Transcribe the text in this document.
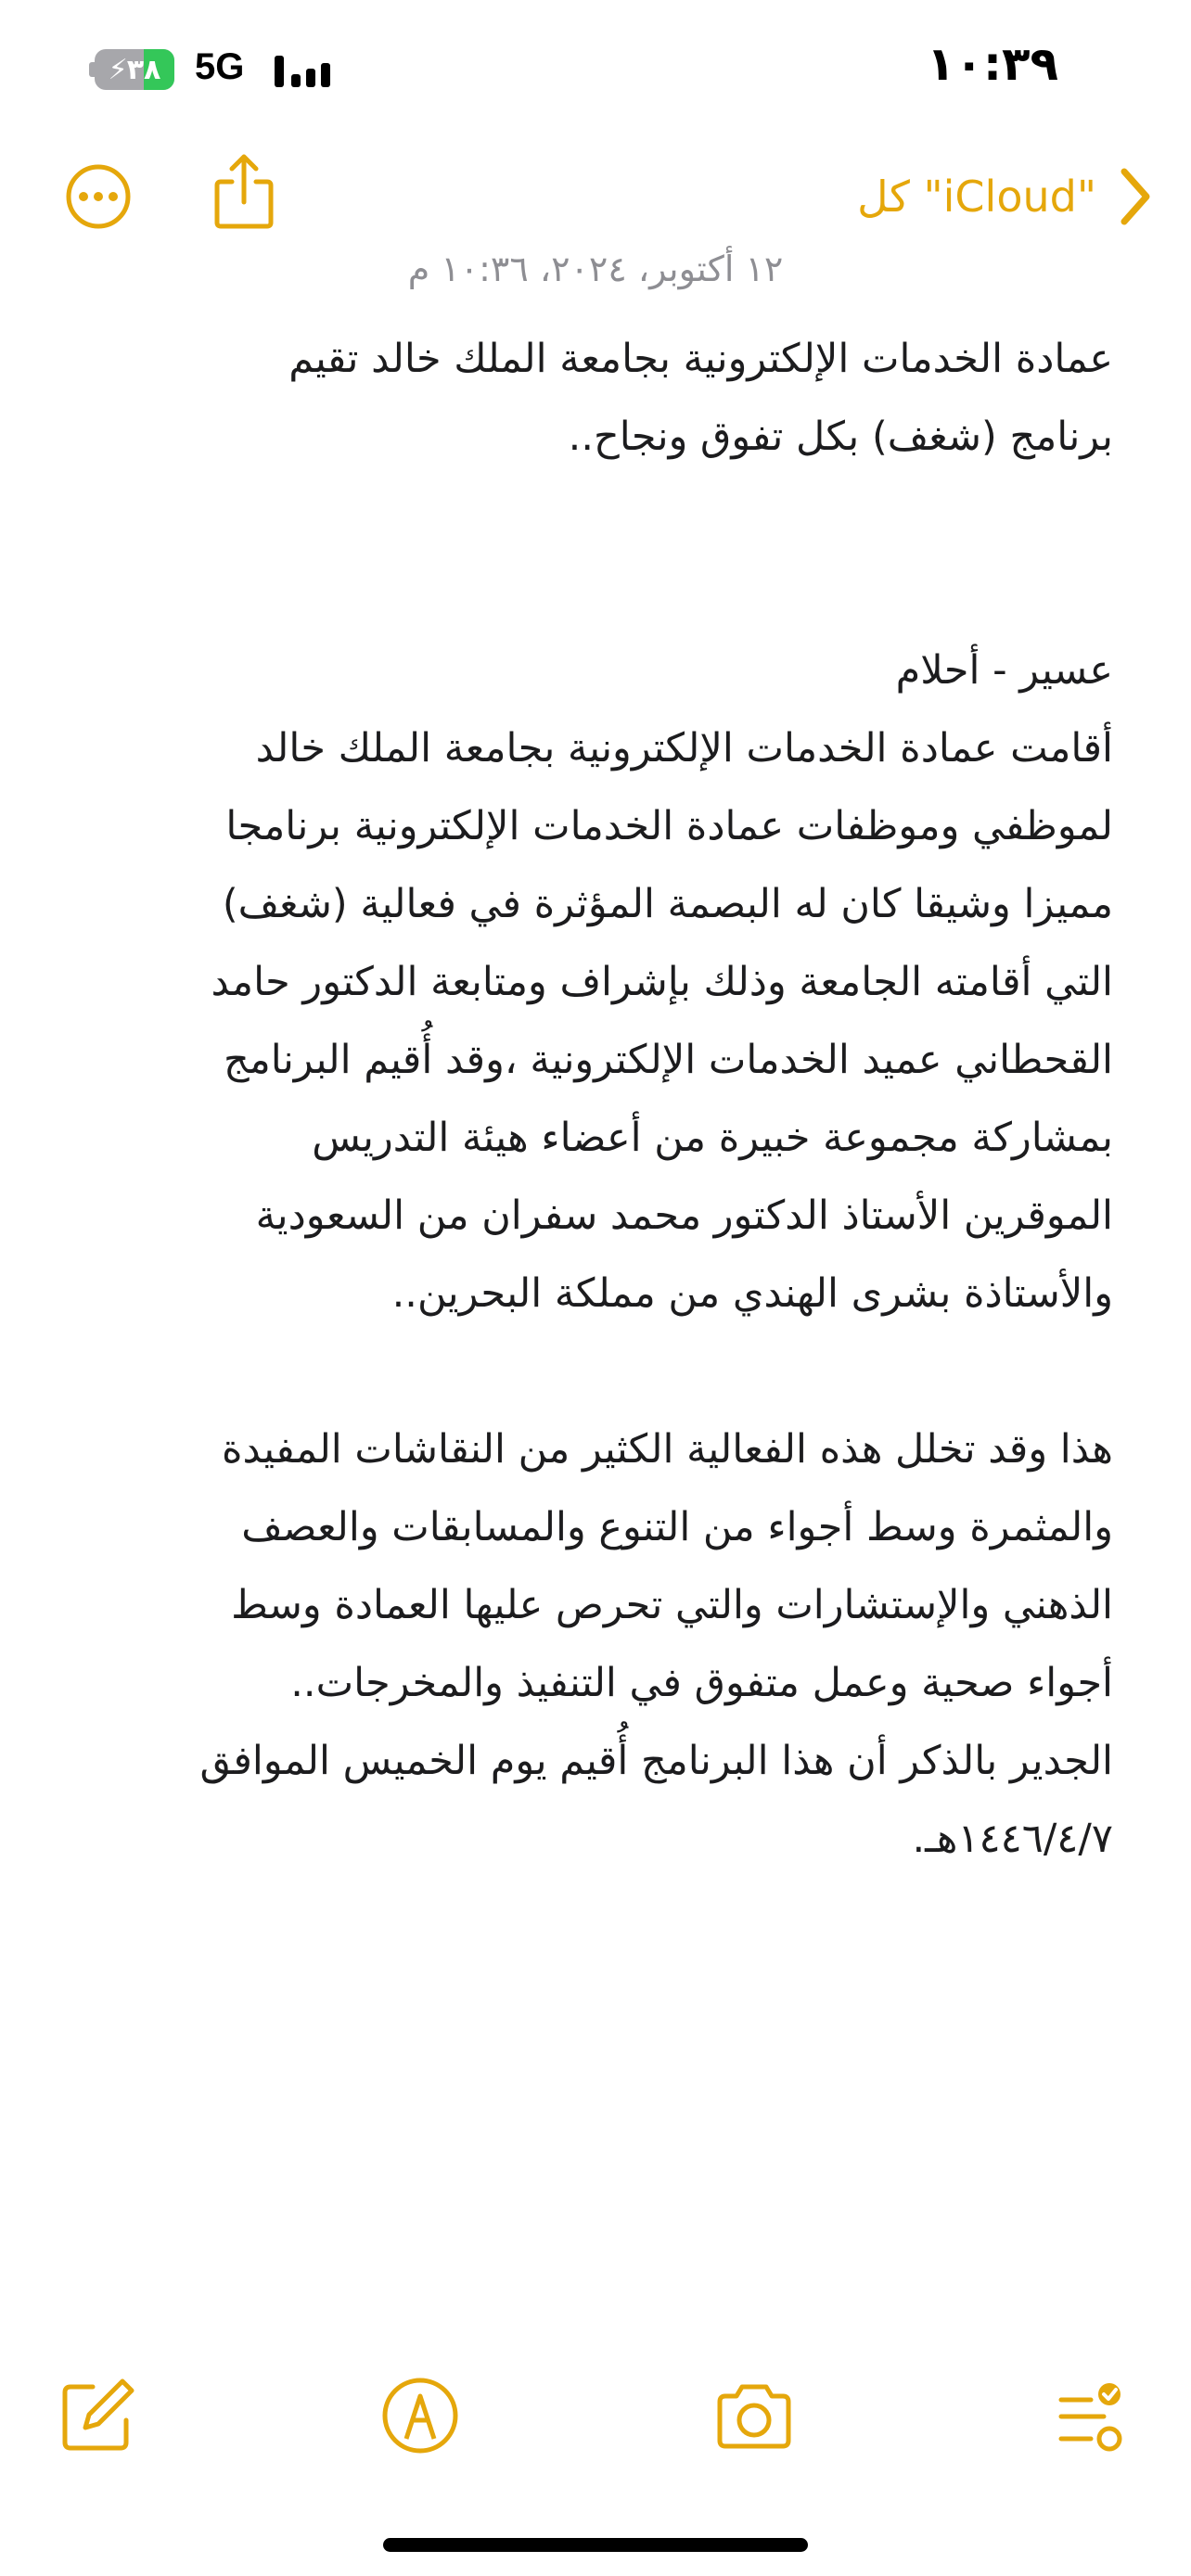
⚡ ٣٨ 5G	١٠:٣٩
كل "iCloud"
١٢ أكتوبر، ٢٠٢٤، ١٠:٣٦ م
عمادة الخدمات الإلكترونية بجامعة الملك خالد تقيم
برنامج (شغف) بكل تفوق ونجاح..
عسير - أحلام
أقامت عمادة الخدمات الإلكترونية بجامعة الملك خالد
لموظفي وموظفات عمادة الخدمات الإلكترونية برنامجا
مميزا وشيقا كان له البصمة المؤثرة في فعالية (شغف)
التي أقامته الجامعة وذلك بإشراف ومتابعة الدكتور حامد
القحطاني عميد الخدمات الإلكترونية ،وقد أُقيم البرنامج
بمشاركة مجموعة خبيرة من أعضاء هيئة التدريس
الموقرين الأستاذ الدكتور محمد سفران من السعودية
والأستاذة بشرى الهندي من مملكة البحرين..
هذا وقد تخلل هذه الفعالية الكثير من النقاشات المفيدة
والمثمرة وسط أجواء من التنوع والمسابقات والعصف
الذهني والإستشارات والتي تحرص عليها العمادة وسط
أجواء صحية وعمل متفوق في التنفيذ والمخرجات..
الجدير بالذكر أن هذا البرنامج أُقيم يوم الخميس الموافق
١٤٤٦/٤/٧هـ.
